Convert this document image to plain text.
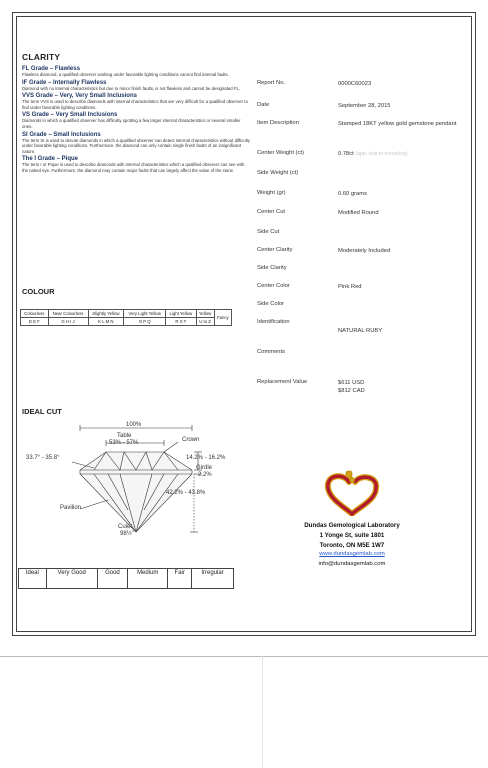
CLARITY
FL Grade – Flawless
Flawless diamond, a qualified observer working under favorable lighting conditions cannot find internal faults.
IF Grade – Internally Flawless
Diamond with no internal characteristics but due to minor finish faults, is not flawless and cannot be designated FL.
VVS Grade – Very, Very Small Inclusions
The term VVS is used to describe diamonds with internal characteristics that are very difficult for a qualified observer to find under favorable lighting conditions.
VS Grade – Very Small Inclusions
Diamonds in which a qualified observer has difficulty spotting a few larger internal characteristics or several smaller ones.
SI Grade – Small Inclusions
The term SI is used to denote diamonds in which a qualified observer can detect internal characteristics without difficulty under favorable lighting conditions. Furthermore, the diamond can only contain single finish faults of an insignificant nature.
The I Grade – Pique
The term I or Pique is used to describe diamonds with internal characteristics which a qualified observer can see with the naked eye. Furthermore, the diamond may contain major faults that can largely affect the value of the stone.
COLOUR
Colourless	Near Colourless	Slightly Yellow	Very Light Yellow	Light Yellow	Yellow	Fancy
D E F	G H I J	K L M N	O P Q	R S T	U to Z	
IDEAL CUT
100%
Table
53% - 57%	Crown
33.7° - 35.8°	14.2% - 16.2%
Girdle
2.2%
42.2% - 43.8%
Pavilion
Culet
98½"
Ideal	Very Good	Good	Medium	Fair	Irregular
Report No.	0000C60023
Date	September 28, 2015
Item Description	Stamped 18KT yellow gold gemstone pendant
Center Weight (ct)	0.78ct (app. due to mounting)
Side Weight (ct)
Weight (gr)	0.60 grams
Center Cut	Modified Round
Side Cut
Center Clarity	Moderately Included
Side Clarity
Center Color	Pink Red
Side Color
Identification
NATURAL RUBY
Comments
Replacement Value	$611 USD
$812 CAD
Dundas Gemological Laboratory
1 Yonge St, suite 1801
Toronto, ON M5E 1W7
www.dundasgemlab.com
info@dundasgemlab.com
